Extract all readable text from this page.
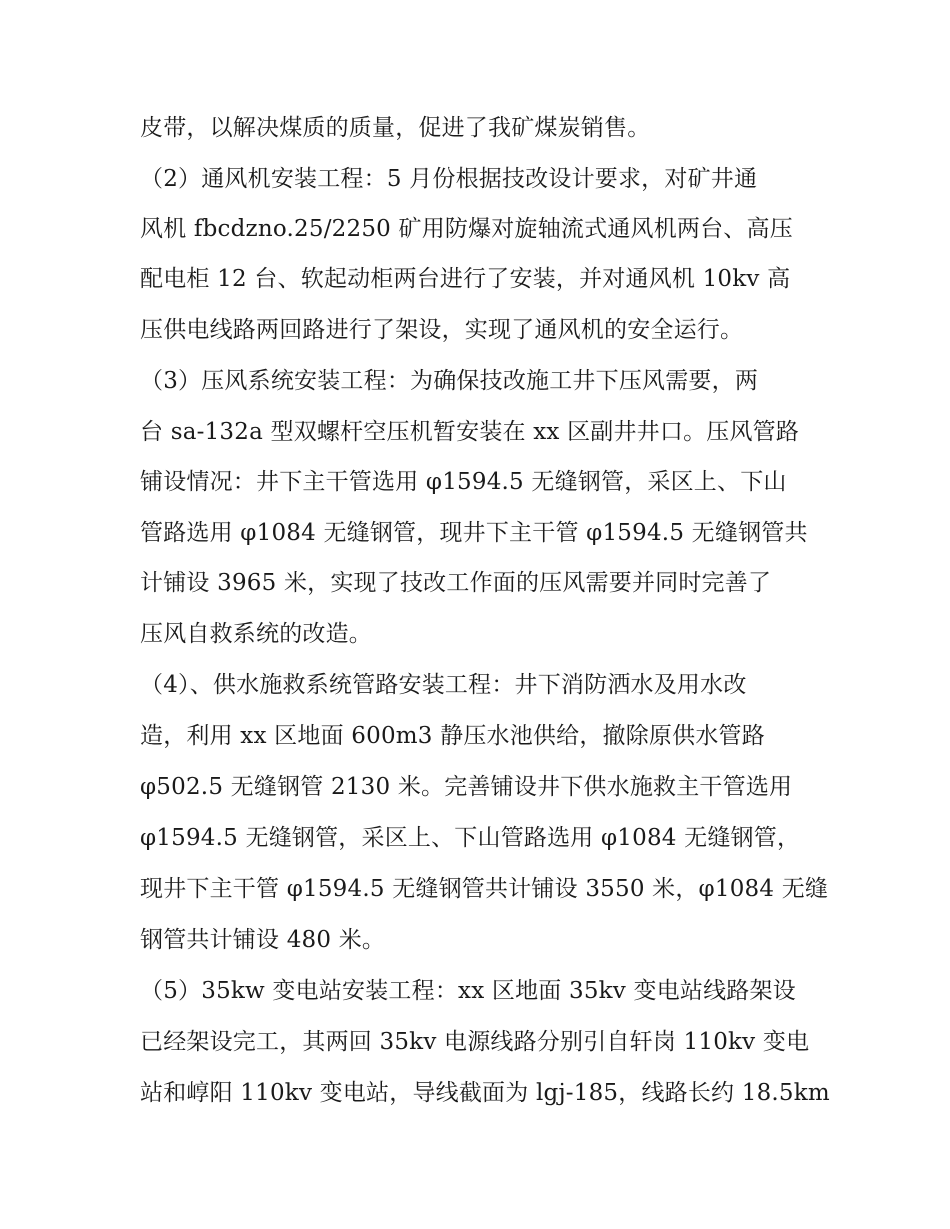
皮带，以解决煤质的质量，促进了我矿煤炭销售。

（2）通风机安装工程：5 月份根据技改设计要求，对矿井通

风机 fbcdzno.25/2250 矿用防爆对旋轴流式通风机两台、高压

配电柜 12 台、软起动柜两台进行了安装，并对通风机 10kv 高

压供电线路两回路进行了架设，实现了通风机的安全运行。

（3）压风系统安装工程：为确保技改施工井下压风需要，两

台 sa-132a 型双螺杆空压机暂安装在 xx 区副井井口。压风管路

铺设情况：井下主干管选用 φ1594.5 无缝钢管，采区上、下山

管路选用 φ1084 无缝钢管，现井下主干管 φ1594.5 无缝钢管共

计铺设 3965 米，实现了技改工作面的压风需要并同时完善了

压风自救系统的改造。

（4）、供水施救系统管路安装工程：井下消防洒水及用水改

造，利用 xx 区地面 600m3 静压水池供给，撤除原供水管路

φ502.5 无缝钢管 2130 米。完善铺设井下供水施救主干管选用

φ1594.5 无缝钢管，采区上、下山管路选用 φ1084 无缝钢管，

现井下主干管 φ1594.5 无缝钢管共计铺设 3550 米，φ1084 无缝

钢管共计铺设 480 米。

（5）35kw 变电站安装工程：xx 区地面 35kv 变电站线路架设

已经架设完工，其两回 35kv 电源线路分别引自轩岗 110kv 变电

站和崞阳 110kv 变电站，导线截面为 lgj-185，线路长约 18.5km
